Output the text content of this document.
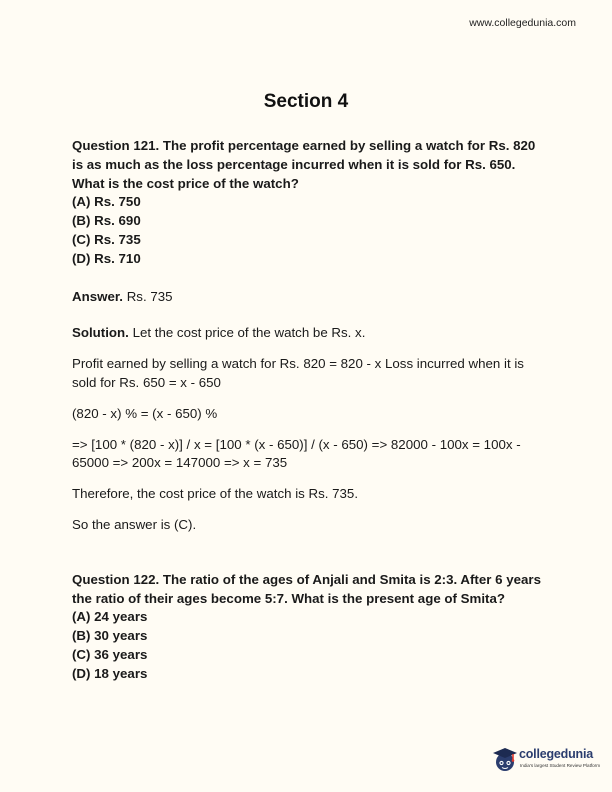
www.collegedunia.com
Section 4

Question 121. The profit percentage earned by selling a watch for Rs. 820 is as much as the loss percentage incurred when it is sold for Rs. 650. What is the cost price of the watch?

(A) Rs. 750
(B) Rs. 690
(C) Rs. 735
(D) Rs. 710

Answer. Rs. 735

Solution. Let the cost price of the watch be Rs. x.

Profit earned by selling a watch for Rs. 820 = 820 - x Loss incurred when it is sold for Rs. 650 = x - 650

(820 - x) % = (x - 650) %

=> [100 * (820 - x)] / x = [100 * (x - 650)] / (x - 650) => 82000 - 100x = 100x - 65000 => 200x = 147000 => x = 735

Therefore, the cost price of the watch is Rs. 735.

So the answer is (C).

Question 122. The ratio of the ages of Anjali and Smita is 2:3. After 6 years the ratio of their ages become 5:7. What is the present age of Smita?

(A) 24 years
(B) 30 years
(C) 36 years
(D) 18 years
collegedunia
India's largest Student Review Platform
